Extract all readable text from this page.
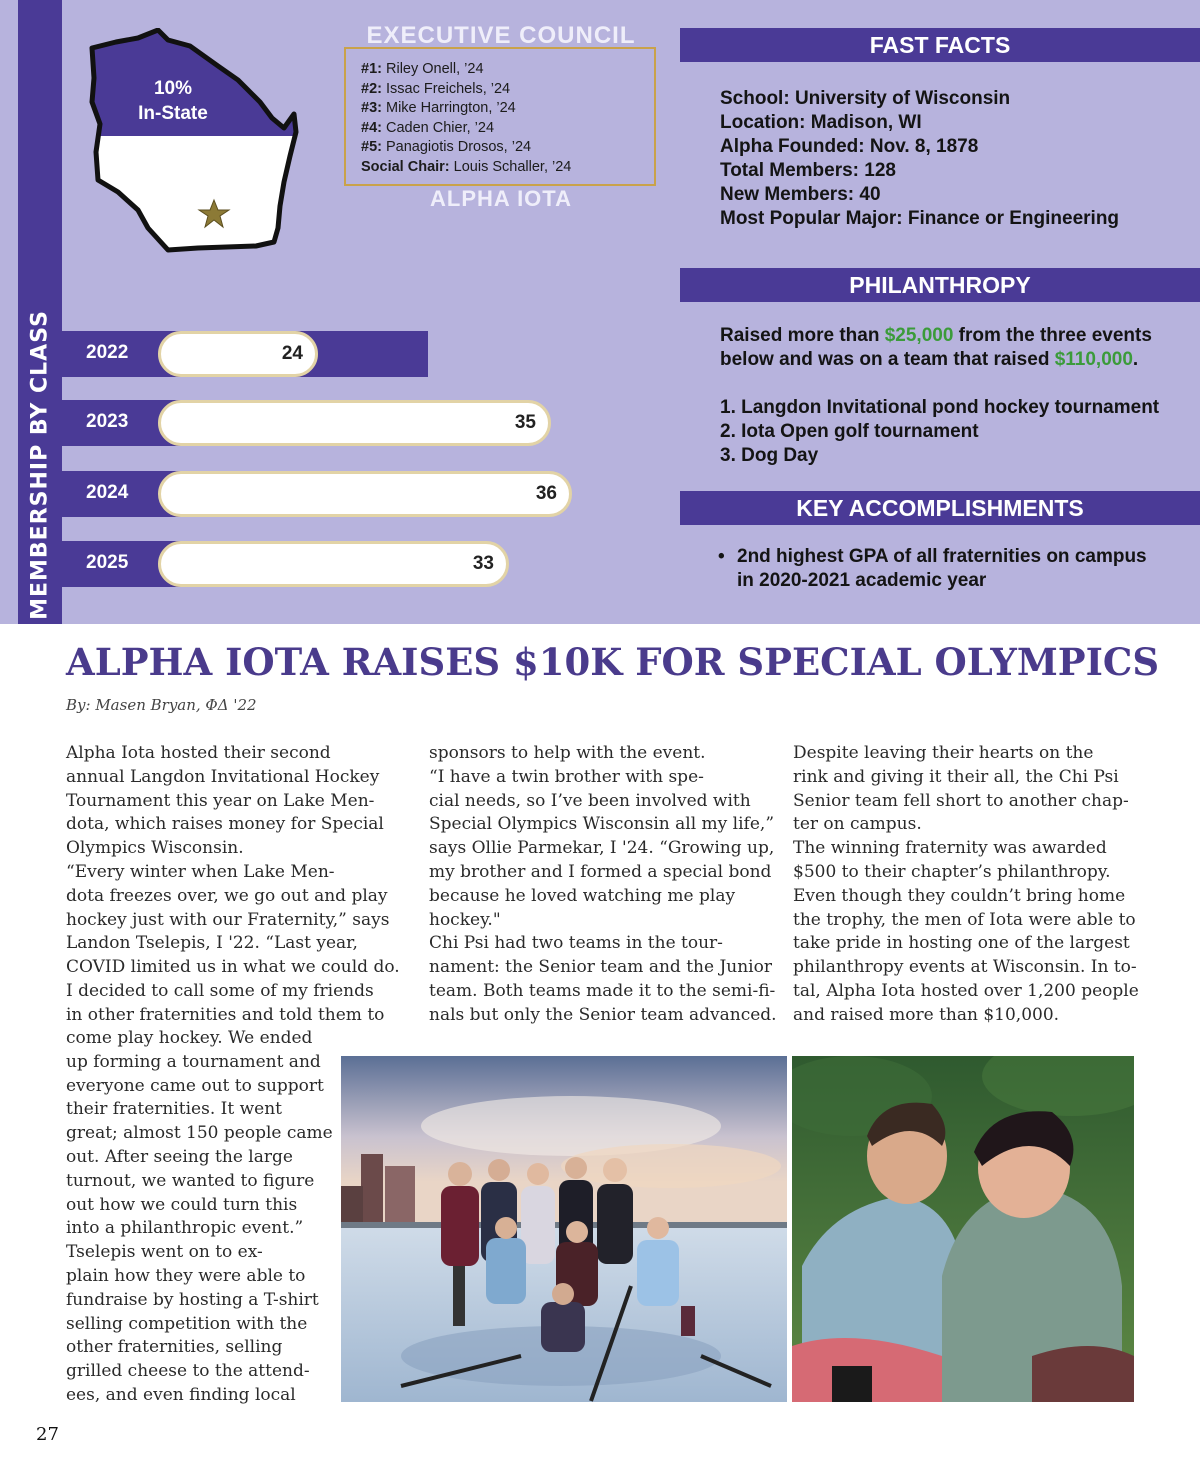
MEMBERSHIP BY CLASS
10%
In-State
EXECUTIVE COUNCIL
#1: Riley Onell, ’24
#2: Issac Freichels, ’24
#3: Mike Harrington, ’24
#4: Caden Chier, ’24
#5: Panagiotis Drosos, ’24
Social Chair: Louis Schaller, ’24
ALPHA IOTA
2022	24
2023	35
2024	36
2025	33
FAST FACTS
School: University of Wisconsin
Location: Madison, WI
Alpha Founded: Nov. 8, 1878
Total Members: 128
New Members: 40
Most Popular Major: Finance or Engineering
PHILANTHROPY
Raised more than $25,000 from the three events
below and was on a team that raised $110,000.
1. Langdon Invitational pond hockey tournament
2. Iota Open golf tournament
3. Dog Day
KEY ACCOMPLISHMENTS
• 2nd highest GPA of all fraternities on campus
in 2020-2021 academic year
ALPHA IOTA RAISES $10K FOR SPECIAL OLYMPICS
By: Masen Bryan, ΦΔ '22
Alpha Iota hosted their second
annual Langdon Invitational Hockey
Tournament this year on Lake Men-
dota, which raises money for Special
Olympics Wisconsin.
“Every winter when Lake Men-
dota freezes over, we go out and play
hockey just with our Fraternity,” says
Landon Tselepis, I '22. “Last year,
COVID limited us in what we could do.
I decided to call some of my friends
in other fraternities and told them to
come play hockey. We ended
up forming a tournament and
everyone came out to support
their fraternities. It went
great; almost 150 people came
out. After seeing the large
turnout, we wanted to figure
out how we could turn this
into a philanthropic event.”
Tselepis went on to ex-
plain how they were able to
fundraise by hosting a T-shirt
selling competition with the
other fraternities, selling
grilled cheese to the attend-
ees, and even finding local
sponsors to help with the event.
“I have a twin brother with spe-
cial needs, so I’ve been involved with
Special Olympics Wisconsin all my life,”
says Ollie Parmekar, I '24. “Growing up,
my brother and I formed a special bond
because he loved watching me play
hockey."
Chi Psi had two teams in the tour-
nament: the Senior team and the Junior
team. Both teams made it to the semi-fi-
nals but only the Senior team advanced.
Despite leaving their hearts on the
rink and giving it their all, the Chi Psi
Senior team fell short to another chap-
ter on campus.
The winning fraternity was awarded
$500 to their chapter’s philanthropy.
Even though they couldn’t bring home
the trophy, the men of Iota were able to
take pride in hosting one of the largest
philanthropy events at Wisconsin. In to-
tal, Alpha Iota hosted over 1,200 people
and raised more than $10,000.
27
